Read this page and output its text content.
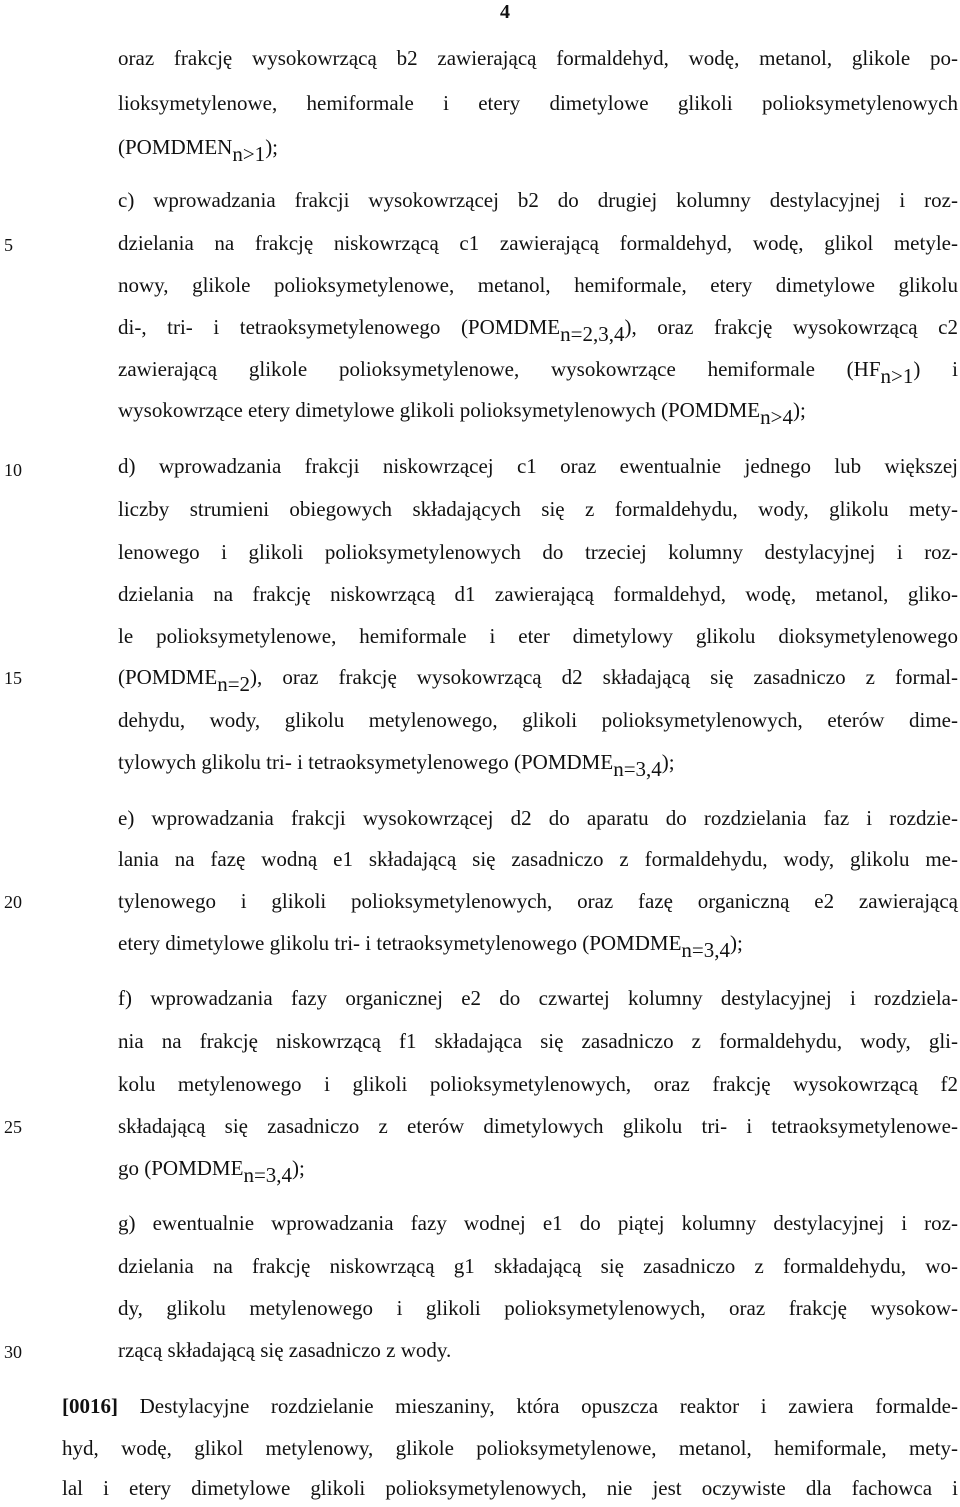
4
5
10
15
20
25
30
oraz frakcję wysokowrzącą b2 zawierającą formaldehyd, wodę, metanol, glikole po-
lioksymetylenowe, hemiformale i etery dimetylowe glikoli polioksymetylenowych
(POMDMENn>1);
c) wprowadzania frakcji wysokowrzącej b2 do drugiej kolumny destylacyjnej i roz-
dzielania na frakcję niskowrzącą c1 zawierającą formaldehyd, wodę, glikol metyle-
nowy, glikole polioksymetylenowe, metanol, hemiformale, etery dimetylowe glikolu
di-, tri- i tetraoksymetylenowego (POMDMEn=2,3,4), oraz frakcję wysokowrzącą c2
zawierającą glikole polioksymetylenowe, wysokowrzące hemiformale (HFn>1) i
wysokowrzące etery dimetylowe glikoli polioksymetylenowych (POMDMEn>4);
d) wprowadzania frakcji niskowrzącej c1 oraz ewentualnie jednego lub większej
liczby strumieni obiegowych składających się z formaldehydu, wody, glikolu mety-
lenowego i glikoli polioksymetylenowych do trzeciej kolumny destylacyjnej i roz-
dzielania na frakcję niskowrzącą d1 zawierającą formaldehyd, wodę, metanol, gliko-
le polioksymetylenowe, hemiformale i eter dimetylowy glikolu dioksymetylenowego
(POMDMEn=2), oraz frakcję wysokowrzącą d2 składającą się zasadniczo z formal-
dehydu, wody, glikolu metylenowego, glikoli polioksymetylenowych, eterów dime-
tylowych glikolu tri- i tetraoksymetylenowego (POMDMEn=3,4);
e) wprowadzania frakcji wysokowrzącej d2 do aparatu do rozdzielania faz i rozdzie-
lania na fazę wodną e1 składającą się zasadniczo z formaldehydu, wody, glikolu me-
tylenowego i glikoli polioksymetylenowych, oraz fazę organiczną e2 zawierającą
etery dimetylowe glikolu tri- i tetraoksymetylenowego (POMDMEn=3,4);
f) wprowadzania fazy organicznej e2 do czwartej kolumny destylacyjnej i rozdziela-
nia na frakcję niskowrzącą f1 składająca się zasadniczo z formaldehydu, wody, gli-
kolu metylenowego i glikoli polioksymetylenowych, oraz frakcję wysokowrzącą f2
składającą się zasadniczo z eterów dimetylowych glikolu tri- i tetraoksymetylenowe-
go (POMDMEn=3,4);
g) ewentualnie wprowadzania fazy wodnej e1 do piątej kolumny destylacyjnej i roz-
dzielania na frakcję niskowrzącą g1 składającą się zasadniczo z formaldehydu, wo-
dy, glikolu metylenowego i glikoli polioksymetylenowych, oraz frakcję wysokow-
rzącą składającą się zasadniczo z wody.
[0016] Destylacyjne rozdzielanie mieszaniny, która opuszcza reaktor i zawiera formalde-
hyd, wodę, glikol metylenowy, glikole polioksymetylenowe, metanol, hemiformale, mety-
lal i etery dimetylowe glikoli polioksymetylenowych, nie jest oczywiste dla fachowca i
